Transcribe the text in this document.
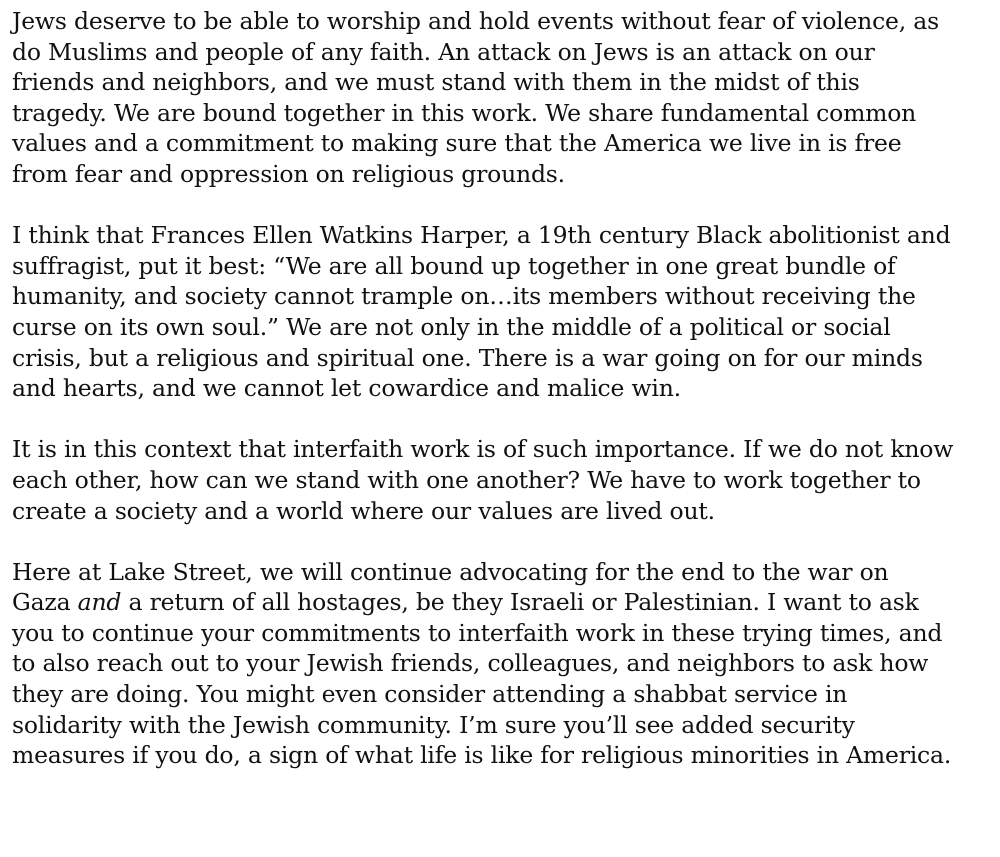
Jews deserve to be able to worship and hold events without fear of violence, as
do Muslims and people of any faith. An attack on Jews is an attack on our
friends and neighbors, and we must stand with them in the midst of this
tragedy. We are bound together in this work. We share fundamental common
values and a commitment to making sure that the America we live in is free
from fear and oppression on religious grounds.

I think that Frances Ellen Watkins Harper, a 19th century Black abolitionist and
suffragist, put it best: “We are all bound up together in one great bundle of
humanity, and society cannot trample on…its members without receiving the
curse on its own soul.” We are not only in the middle of a political or social
crisis, but a religious and spiritual one. There is a war going on for our minds
and hearts, and we cannot let cowardice and malice win.

It is in this context that interfaith work is of such importance. If we do not know
each other, how can we stand with one another? We have to work together to
create a society and a world where our values are lived out.

Here at Lake Street, we will continue advocating for the end to the war on
Gaza and a return of all hostages, be they Israeli or Palestinian. I want to ask
you to continue your commitments to interfaith work in these trying times, and
to also reach out to your Jewish friends, colleagues, and neighbors to ask how
they are doing. You might even consider attending a shabbat service in
solidarity with the Jewish community. I’m sure you’ll see added security
measures if you do, a sign of what life is like for religious minorities in America.
